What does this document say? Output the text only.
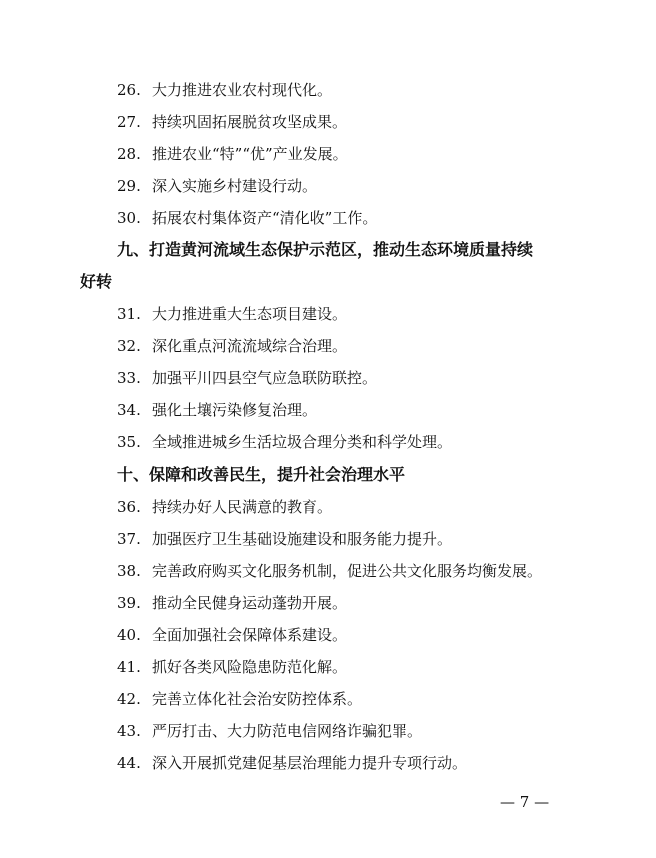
26. 大力推进农业农村现代化。
27. 持续巩固拓展脱贫攻坚成果。
28. 推进农业“特”“优”产业发展。
29. 深入实施乡村建设行动。
30. 拓展农村集体资产“清化收”工作。
九、打造黄河流域生态保护示范区，推动生态环境质量持续
好转
31. 大力推进重大生态项目建设。
32. 深化重点河流流域综合治理。
33. 加强平川四县空气应急联防联控。
34. 强化土壤污染修复治理。
35. 全域推进城乡生活垃圾合理分类和科学处理。
十、保障和改善民生，提升社会治理水平
36. 持续办好人民满意的教育。
37. 加强医疗卫生基础设施建设和服务能力提升。
38. 完善政府购买文化服务机制，促进公共文化服务均衡发展。
39. 推动全民健身运动蓬勃开展。
40. 全面加强社会保障体系建设。
41. 抓好各类风险隐患防范化解。
42. 完善立体化社会治安防控体系。
43. 严厉打击、大力防范电信网络诈骗犯罪。
44. 深入开展抓党建促基层治理能力提升专项行动。
— 7 —
